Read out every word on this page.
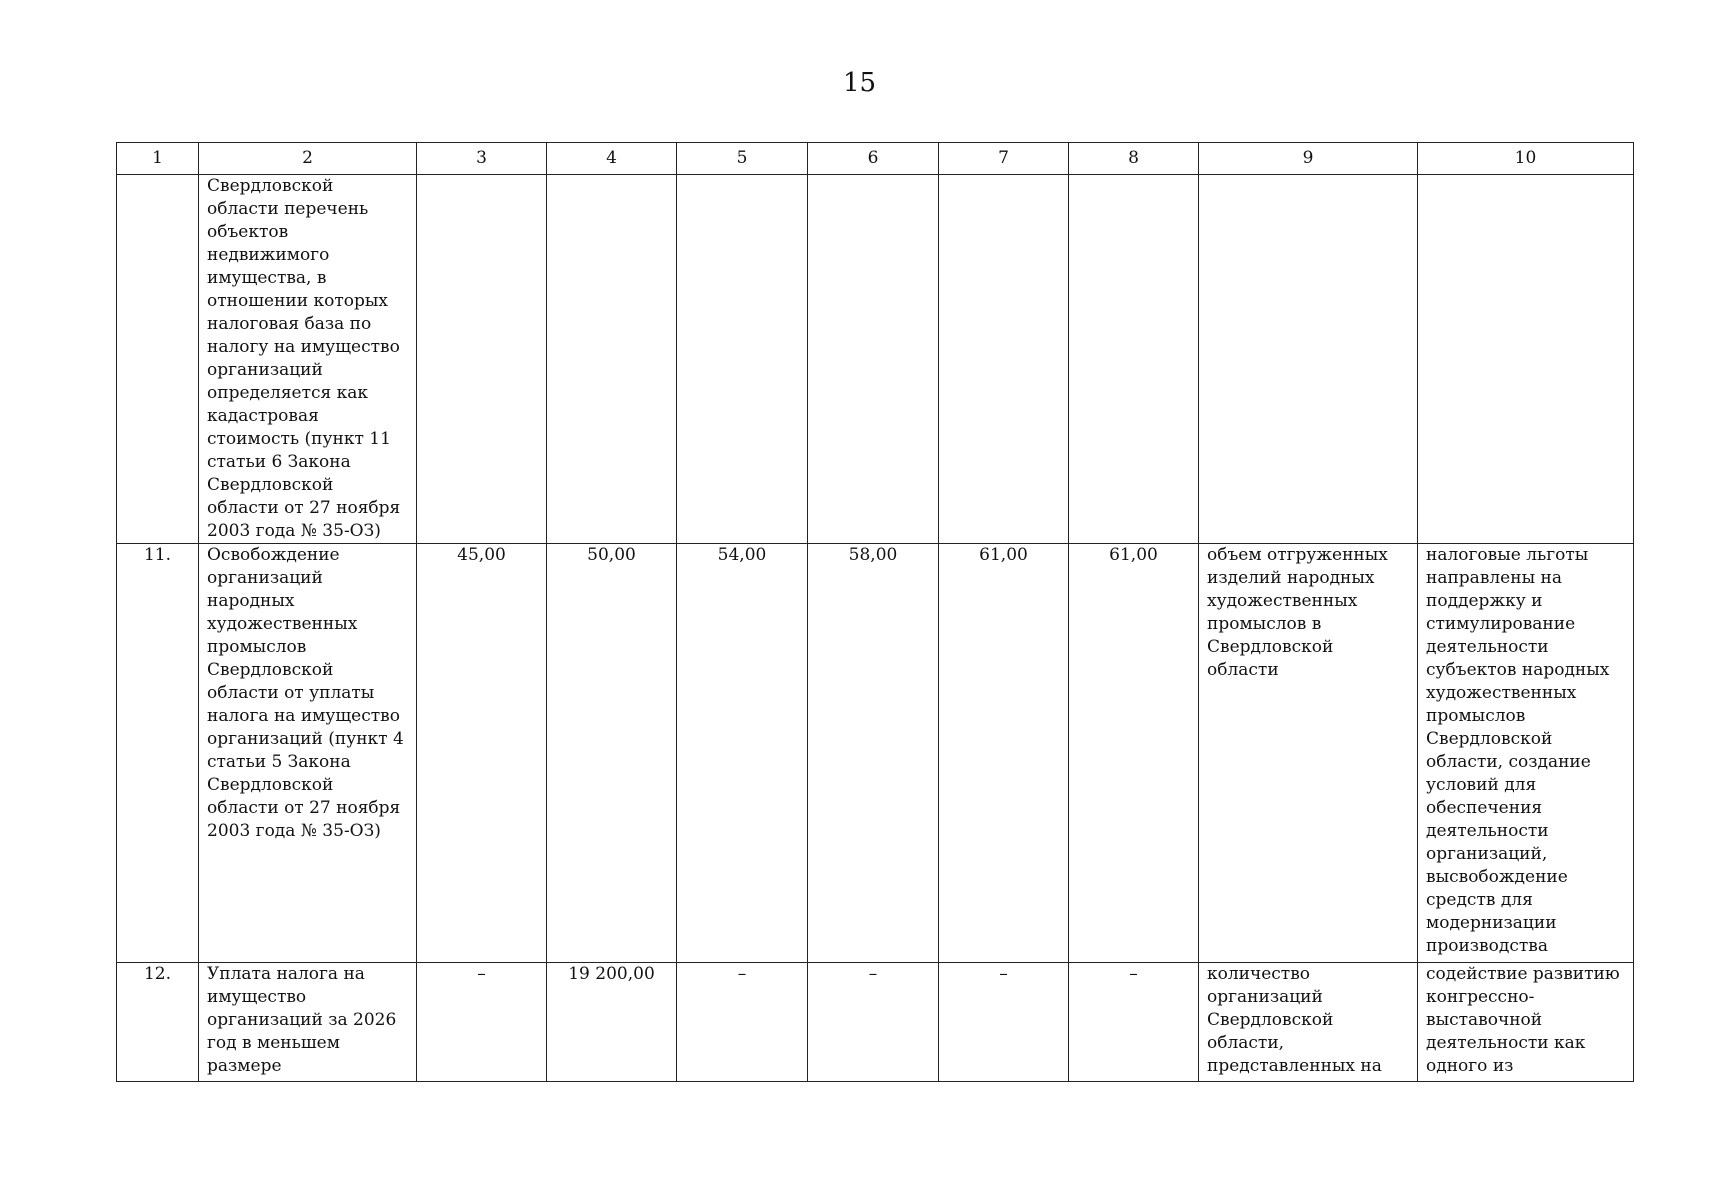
15
1	2	3	4	5	6	7	8	9	10
	Свердловской области перечень объектов недвижимого имущества, в отношении которых налоговая база по налогу на имущество организаций определяется как кадастровая стоимость (пункт 11 статьи 6 Закона Свердловской области от 27 ноября 2003 года № 35-ОЗ)								
11.	Освобождение организаций народных художественных промыслов Свердловской области от уплаты налога на имущество организаций (пункт 4 статьи 5 Закона Свердловской области от 27 ноября 2003 года № 35-ОЗ)	45,00	50,00	54,00	58,00	61,00	61,00	объем отгруженных изделий народных художественных промыслов в Свердловской области	налоговые льготы направлены на поддержку и стимулирование деятельности субъектов народных художественных промыслов Свердловской области, создание условий для обеспечения деятельности организаций, высвобождение средств для модернизации производства
12.	Уплата налога на имущество организаций за 2026 год в меньшем размере	–	19 200,00	–	–	–	–	количество организаций Свердловской области, представленных на	содействие развитию конгрессно-выставочной деятельности как одного из
